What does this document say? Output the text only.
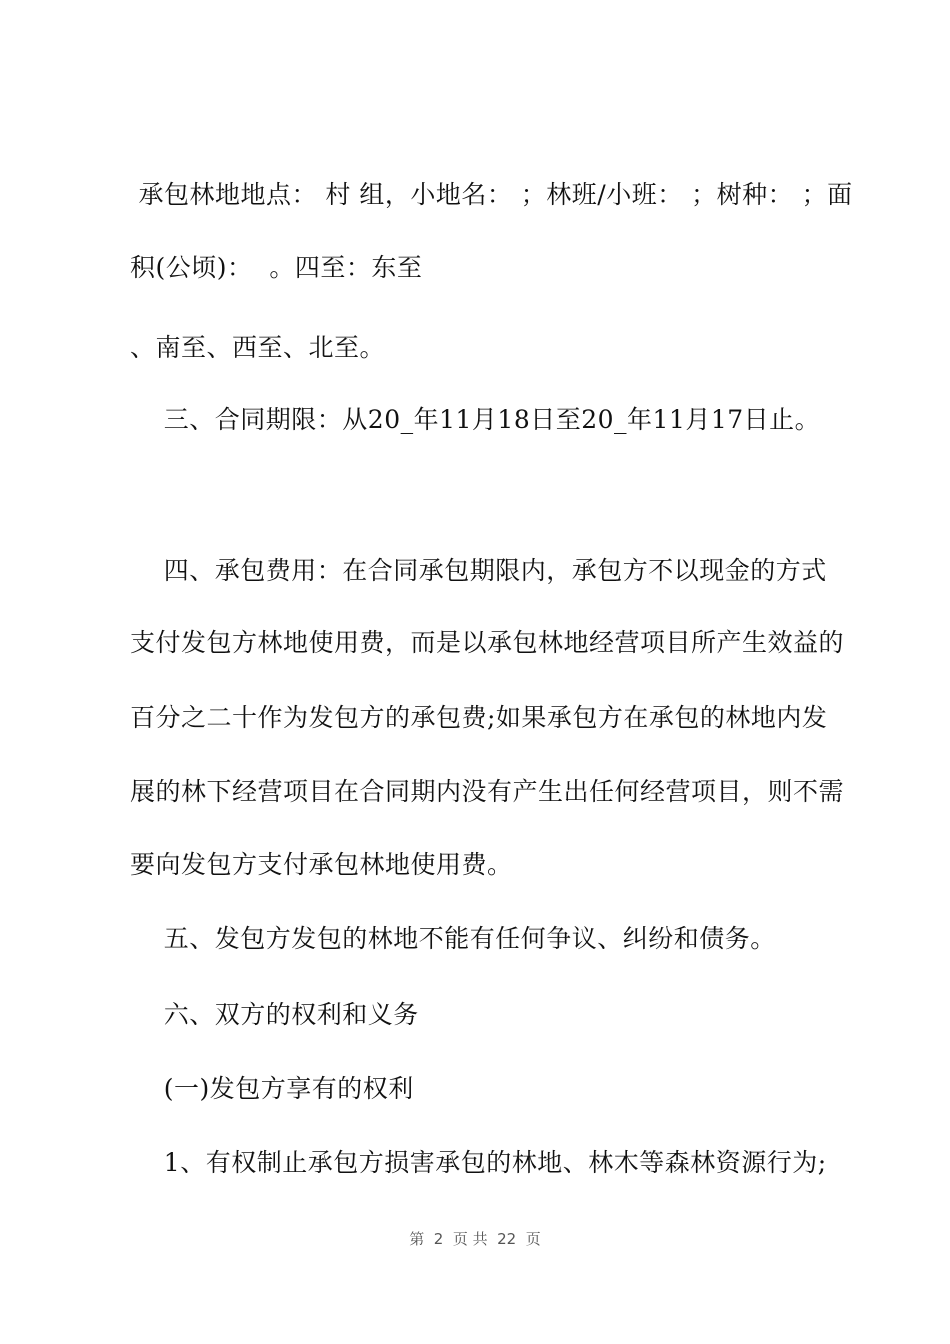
承包林地地点： 村 组，小地名： ；林班/小班： ；树种： ；面
积(公顷)：  。四至：东至
、南至、西至、北至。
三、合同期限：从20_年11月18日至20_年11月17日止。
四、承包费用：在合同承包期限内，承包方不以现金的方式
支付发包方林地使用费，而是以承包林地经营项目所产生效益的
百分之二十作为发包方的承包费;如果承包方在承包的林地内发
展的林下经营项目在合同期内没有产生出任何经营项目，则不需
要向发包方支付承包林地使用费。
五、发包方发包的林地不能有任何争议、纠纷和债务。
六、双方的权利和义务
(一)发包方享有的权利
1、有权制止承包方损害承包的林地、林木等森林资源行为;
第  2  页 共  22  页
